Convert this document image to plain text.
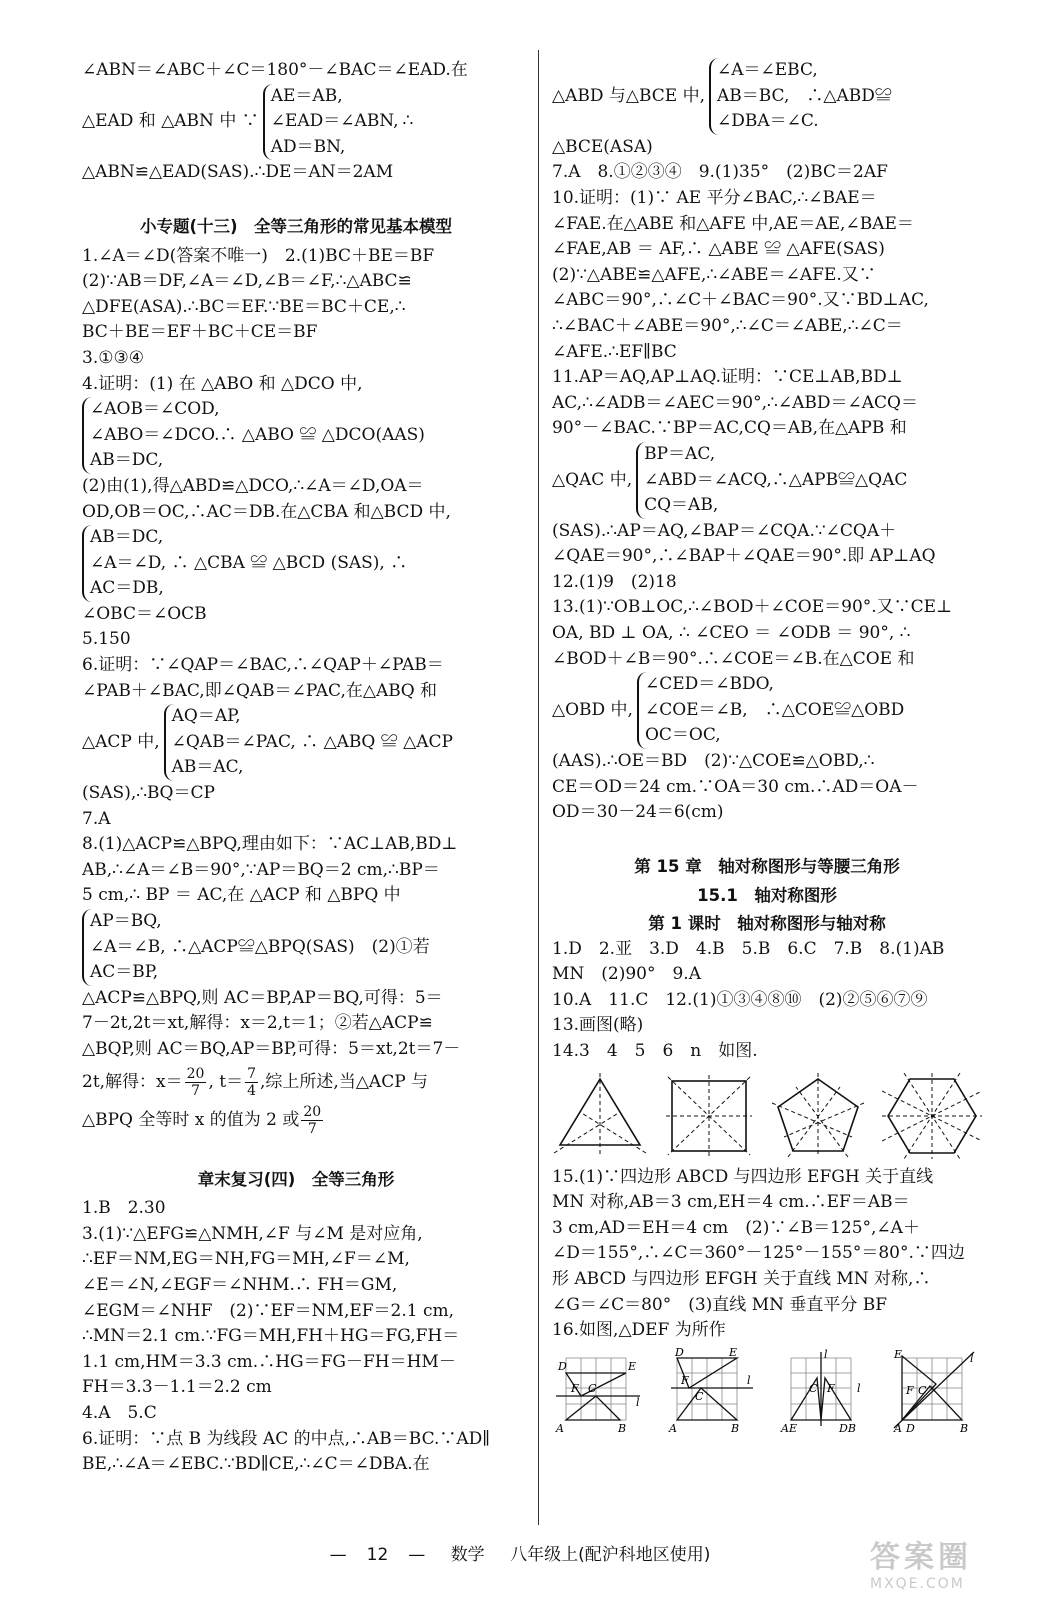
∠ABN＝∠ABC＋∠C＝180°－∠BAC＝∠EAD.在
△EAD 和 △ABN 中 ∵
AE＝AB,
∠EAD＝∠ABN,
AD＝BN,
∴
△ABN≌△EAD(SAS).∴DE＝AN＝2AM
小专题(十三)　全等三角形的常见基本模型
1.∠A＝∠D(答案不唯一)　2.(1)BC＋BE＝BF
(2)∵AB＝DF,∠A＝∠D,∠B＝∠F,∴△ABC≌
△DFE(ASA).∴BC＝EF.∵BE＝BC＋CE,∴
BC＋BE＝EF＋BC＋CE＝BF
3.①③④
4.证明：(1) 在 △ABO 和 △DCO 中,
∠AOB＝∠COD,
∠ABO＝∠DCO.∴ △ABO ≌ △DCO(AAS)
AB＝DC,
(2)由(1),得△ABD≌△DCO,∴∠A＝∠D,OA＝
OD,OB＝OC,∴AC＝DB.在△CBA 和△BCD 中,
AB＝DC,
∠A＝∠D, ∴ △CBA ≌ △BCD (SAS), ∴
AC＝DB,
∠OBC＝∠OCB
5.150
6.证明：∵∠QAP＝∠BAC,∴∠QAP＋∠PAB＝
∠PAB＋∠BAC,即∠QAB＝∠PAC,在△ABQ 和
△ACP 中,
AQ＝AP,
∠QAB＝∠PAC, ∴ △ABQ ≌ △ACP
AB＝AC,
(SAS),∴BQ＝CP
7.A
8.(1)△ACP≌△BPQ,理由如下：∵AC⊥AB,BD⊥
AB,∴∠A＝∠B＝90°,∵AP＝BQ＝2 cm,∴BP＝
5 cm,∴ BP ＝ AC,在 △ACP 和 △BPQ 中
AP＝BQ,
∠A＝∠B, ∴△ACP≌△BPQ(SAS)　(2)①若
AC＝BP,
△ACP≌△BPQ,则 AC＝BP,AP＝BQ,可得：5＝
7－2t,2t＝xt,解得：x＝2,t＝1；②若△ACP≌
△BQP,则 AC＝BQ,AP＝BP,可得：5＝xt,2t＝7－
2t,解得：$x= \frac{20}{7}$ , $t= \frac{7}{4}$ ,综上所述,当△ACP 与
△BPQ 全等时 x 的值为 2 或 $\frac{20}{7}$
章末复习(四)　全等三角形
1.B　2.30
3.(1)∵△EFG≌△NMH,∠F 与∠M 是对应角,
∴EF＝NM,EG＝NH,FG＝MH,∠F＝∠M,
∠E＝∠N,∠EGF＝∠NHM.∴ FH＝GM,
∠EGM＝∠NHF　(2)∵EF＝NM,EF＝2.1 cm,
∴MN＝2.1 cm.∵FG＝MH,FH＋HG＝FG,FH＝
1.1 cm,HM＝3.3 cm.∴HG＝FG－FH＝HM－
FH＝3.3－1.1＝2.2 cm
4.A　5.C
6.证明：∵点 B 为线段 AC 的中点,∴AB＝BC.∵AD∥
BE,∴∠A＝∠EBC.∵BD∥CE,∴∠C＝∠DBA.在
△ABD 与△BCE 中,
∠A＝∠EBC,
AB＝BC,　∴△ABD≌
∠DBA＝∠C.
△BCE(ASA)
7.A　8.①②③④　9.(1)35°　(2)BC＝2AF
10.证明：(1)∵ AE 平分∠BAC,∴∠BAE＝
∠FAE.在△ABE 和△AFE 中,AE＝AE,∠BAE＝
∠FAE,AB ＝ AF,∴ △ABE ≌ △AFE(SAS)
(2)∵△ABE≌△AFE,∴∠ABE＝∠AFE.又∵
∠ABC＝90°,∴∠C＋∠BAC＝90°.又∵BD⊥AC,
∴∠BAC＋∠ABE＝90°,∴∠C＝∠ABE,∴∠C＝
∠AFE.∴EF∥BC
11.AP＝AQ,AP⊥AQ.证明：∵CE⊥AB,BD⊥
AC,∴∠ADB＝∠AEC＝90°,∴∠ABD＝∠ACQ＝
90°－∠BAC.∵BP＝AC,CQ＝AB,在△APB 和
△QAC 中,
BP＝AC,
∠ABD＝∠ACQ,∴△APB≌△QAC
CQ＝AB,
(SAS).∴AP＝AQ,∠BAP＝∠CQA.∵∠CQA＋
∠QAE＝90°,∴∠BAP＋∠QAE＝90°.即 AP⊥AQ
12.(1)9　(2)18
13.(1)∵OB⊥OC,∴∠BOD＋∠COE＝90°.又∵CE⊥
OA, BD ⊥ OA, ∴ ∠CEO ＝ ∠ODB ＝ 90°, ∴
∠BOD＋∠B＝90°.∴∠COE＝∠B.在△COE 和
△OBD 中,
∠CED＝∠BDO,
∠COE＝∠B,　∴△COE≌△OBD
OC＝OC,
(AAS).∴OE＝BD　(2)∵△COE≌△OBD,∴
CE＝OD＝24 cm.∵OA＝30 cm.∴AD＝OA－
OD＝30－24＝6(cm)
第 15 章　轴对称图形与等腰三角形
15.1　轴对称图形
第 1 课时　轴对称图形与轴对称
1.D　2.亚　3.D　4.B　5.B　6.C　7.B　8.(1)AB
MN　(2)90°　9.A
10.A　11.C　12.(1)①③④⑧⑩　(2)②⑤⑥⑦⑨
13.画图(略)
14.3　4　5　6　n　如图.
15.(1)∵四边形 ABCD 与四边形 EFGH 关于直线
MN 对称,AB＝3 cm,EH＝4 cm.∴EF＝AB＝
3 cm,AD＝EH＝4 cm　(2)∵∠B＝125°,∠A＋
∠D＝155°,∴∠C＝360°－125°－155°＝80°.∵四边
形 ABCD 与四边形 EFGH 关于直线 MN 对称,∴
∠G＝∠C＝80°　(3)直线 MN 垂直平分 BF
16.如图,△DEF 为所作
D	E
F C
l
A	B
D	E
F
C
l
A	B
l
C F l
AE	DB
E	l
F C
A D	B
— 12 — 数学 八年级上(配沪科地区使用)	答案圈
MXQE.COM
